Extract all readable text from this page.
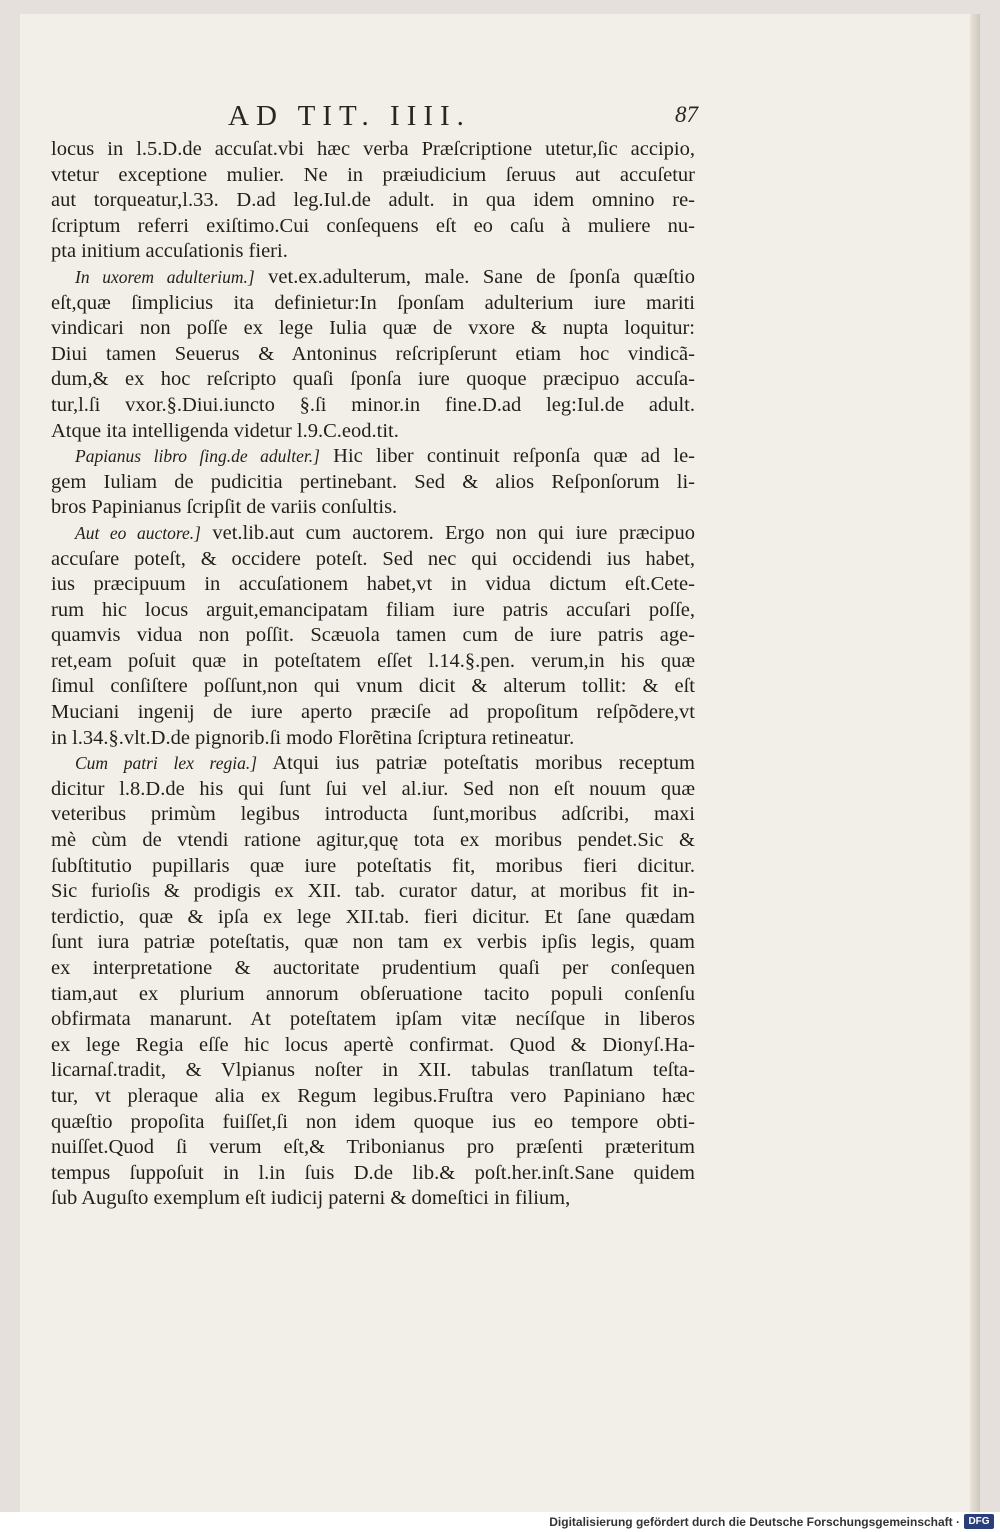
AD TIT. IIII.	87
locus in l.5.D.de accuſat.vbi hæc verba Præſcriptione utetur,ſic accipio,
vtetur exceptione mulier. Ne in præiudicium ſeruus aut accuſetur
aut torqueatur,l.33. D.ad leg.Iul.de adult. in qua idem omnino re-
ſcriptum referri exiſtimo.Cui conſequens eſt eo caſu à muliere nu-
pta initium accuſationis fieri.
In uxorem adulterium.] vet.ex.adulterum, male. Sane de ſponſa quæſtio
eſt,quæ ſimplicius ita definietur:In ſponſam adulterium iure mariti
vindicari non poſſe ex lege Iulia quæ de vxore & nupta loquitur:
Diui tamen Seuerus & Antoninus reſcripſerunt etiam hoc vindicã-
dum,& ex hoc reſcripto quaſi ſponſa iure quoque præcipuo accuſa-
tur,l.ſi vxor.§.Diui.iuncto §.ſi minor.in fine.D.ad leg:Iul.de adult.
Atque ita intelligenda videtur l.9.C.eod.tit.
Papianus libro ſing.de adulter.] Hic liber continuit reſponſa quæ ad le-
gem Iuliam de pudicitia pertinebant. Sed & alios Reſponſorum li-
bros Papinianus ſcripſit de variis conſultis.
Aut eo auctore.] vet.lib.aut cum auctorem. Ergo non qui iure præcipuo
accuſare poteſt, & occidere poteſt. Sed nec qui occidendi ius habet,
ius præcipuum in accuſationem habet,vt in vidua dictum eſt.Cete-
rum hic locus arguit,emancipatam filiam iure patris accuſari poſſe,
quamvis vidua non poſſit. Scæuola tamen cum de iure patris age-
ret,eam poſuit quæ in poteſtatem eſſet l.14.§.pen. verum,in his quæ
ſimul conſiſtere poſſunt,non qui vnum dicit & alterum tollit: & eſt
Muciani ingenij de iure aperto præciſe ad propoſitum reſpõdere,vt
in l.34.§.vlt.D.de pignorib.ſi modo Florẽtina ſcriptura retineatur.
Cum patri lex regia.] Atqui ius patriæ poteſtatis moribus receptum
dicitur l.8.D.de his qui ſunt ſui vel al.iur. Sed non eſt nouum quæ
veteribus primùm legibus introducta ſunt,moribus adſcribi, maxi
mè cùm de vtendi ratione agitur,quę tota ex moribus pendet.Sic &
ſubſtitutio pupillaris quæ iure poteſtatis fit, moribus fieri dicitur.
Sic furioſis & prodigis ex XII. tab. curator datur, at moribus fit in-
terdictio, quæ & ipſa ex lege XII.tab. fieri dicitur. Et ſane quædam
ſunt iura patriæ poteſtatis, quæ non tam ex verbis ipſis legis, quam
ex interpretatione & auctoritate prudentium quaſi per conſequen
tiam,aut ex plurium annorum obſeruatione tacito populi conſenſu
obfirmata manarunt. At poteſtatem ipſam vitæ necíſque in liberos
ex lege Regia eſſe hic locus apertè confirmat. Quod & Dionyſ.Ha-
licarnaſ.tradit, & Vlpianus noſter in XII. tabulas tranſlatum teſta-
tur, vt pleraque alia ex Regum legibus.Fruſtra vero Papiniano hæc
quæſtio propoſita fuiſſet,ſi non idem quoque ius eo tempore obti-
nuiſſet.Quod ſi verum eſt,& Tribonianus pro præſenti præteritum
tempus ſuppoſuit in l.in ſuis D.de lib.& poſt.her.inſt.Sane quidem
ſub Auguſto exemplum eſt iudicij paterni & domeſtici in filium,
Digitalisierung gefördert durch die Deutsche Forschungsgemeinschaft · DFG
